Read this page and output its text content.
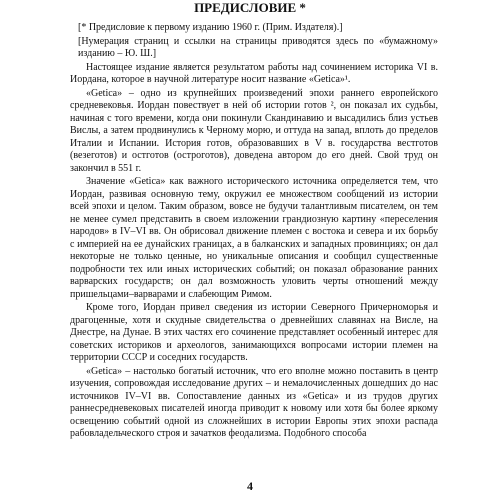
ПРЕДИСЛОВИЕ *

[* Предисловие к первому изданию 1960 г. (Прим. Издателя).]

[Нумерация страниц и ссылки на страницы приводятся здесь по «бумажному» изданию – Ю. Ш.]

Настоящее издание является результатом работы над сочинением историка VI в. Иордана, которое в научной литературе носит название «Getica»¹.

«Getica» – одно из крупнейших произведений эпохи раннего европейского средневековья. Иордан повествует в ней об истории готов ², он показал их судьбы, начиная с того времени, когда они покинули Скандинавию и высадились близ устьев Вислы, а затем продвинулись к Черному морю, и оттуда на запад, вплоть до пределов Италии и Испании. История готов, образовавших в V в. государства вестготов (везеготов) и остготов (остроготов), доведена автором до его дней. Свой труд он закончил в 551 г.

Значение «Getica» как важного исторического источника определяется тем, что Иордан, развивая основную тему, окружил ее множеством сообщений из истории всей эпохи и целом. Таким образом, вовсе не будучи талантливым писателем, он тем не менее сумел представить в своем изложении грандиозную картину «переселения народов» в IV–VI вв. Он обрисовал движение племен с востока и севера и их борьбу с империей на ее дунайских границах, а в балканских и западных провинциях; он дал некоторые не только ценные, но уникальные описания и сообщил существенные подробности тех или иных исторических событий; он показал образование ранних варварских государств; он дал возможность уловить черты отношений между пришельцами–варварами и слабеющим Римом.

Кроме того, Иордан привел сведения из истории Северного Причерноморья и драгоценные, хотя и скудные свидетельства о древнейших славянах на Висле, на Днестре, на Дунае. В этих частях его сочинение представляет особенный интерес для советских историков и археологов, занимающихся вопросами истории племен на территории СССР и соседних государств.

«Getica» – настолько богатый источник, что его вполне можно поставить в центр изучения, сопровождая исследование других – и немалочисленных дошедших до нас источников IV–VI вв. Сопоставление данных из «Getica» и из трудов других раннесредневековых писателей иногда приводит к новому или хотя бы более яркому освещению событий одной из сложнейших в истории Европы этих эпохи распада рабовладельческого строя и зачатков феодализма. Подобного способа

4
